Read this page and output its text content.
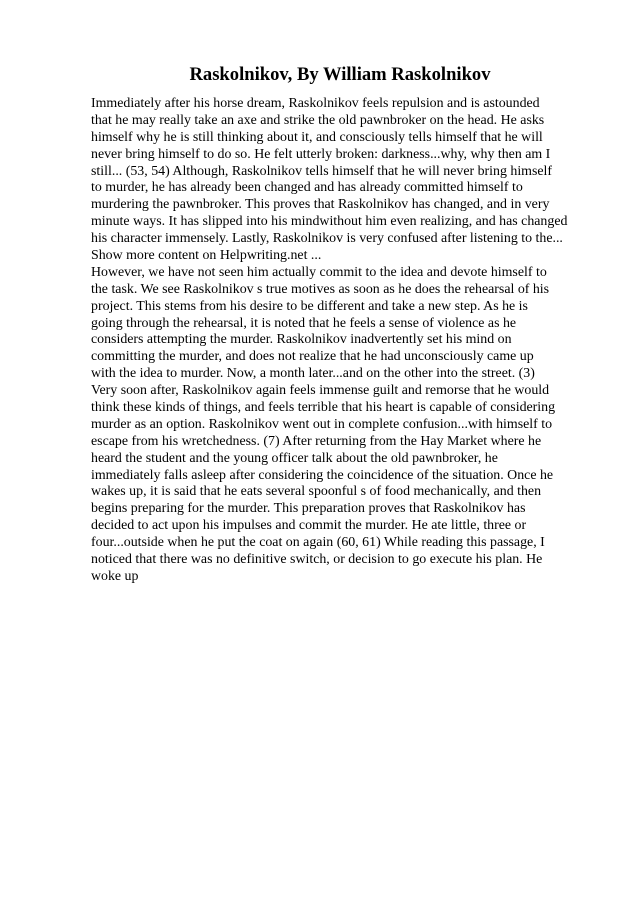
Raskolnikov, By William Raskolnikov
Immediately after his horse dream, Raskolnikov feels repulsion and is astounded
that he may really take an axe and strike the old pawnbroker on the head. He asks
himself why he is still thinking about it, and consciously tells himself that he will
never bring himself to do so. He felt utterly broken: darkness...why, why then am I
still... (53, 54) Although, Raskolnikov tells himself that he will never bring himself
to murder, he has already been changed and has already committed himself to
murdering the pawnbroker. This proves that Raskolnikov has changed, and in very
minute ways. It has slipped into his mindwithout him even realizing, and has changed
his character immensely. Lastly, Raskolnikov is very confused after listening to the...
Show more content on Helpwriting.net ...
However, we have not seen him actually commit to the idea and devote himself to
the task. We see Raskolnikov s true motives as soon as he does the rehearsal of his
project. This stems from his desire to be different and take a new step. As he is
going through the rehearsal, it is noted that he feels a sense of violence as he
considers attempting the murder. Raskolnikov inadvertently set his mind on
committing the murder, and does not realize that he had unconsciously came up
with the idea to murder. Now, a month later...and on the other into the street. (3)
Very soon after, Raskolnikov again feels immense guilt and remorse that he would
think these kinds of things, and feels terrible that his heart is capable of considering
murder as an option. Raskolnikov went out in complete confusion...with himself to
escape from his wretchedness. (7) After returning from the Hay Market where he
heard the student and the young officer talk about the old pawnbroker, he
immediately falls asleep after considering the coincidence of the situation. Once he
wakes up, it is said that he eats several spoonful s of food mechanically, and then
begins preparing for the murder. This preparation proves that Raskolnikov has
decided to act upon his impulses and commit the murder. He ate little, three or
four...outside when he put the coat on again (60, 61) While reading this passage, I
noticed that there was no definitive switch, or decision to go execute his plan. He
woke up
